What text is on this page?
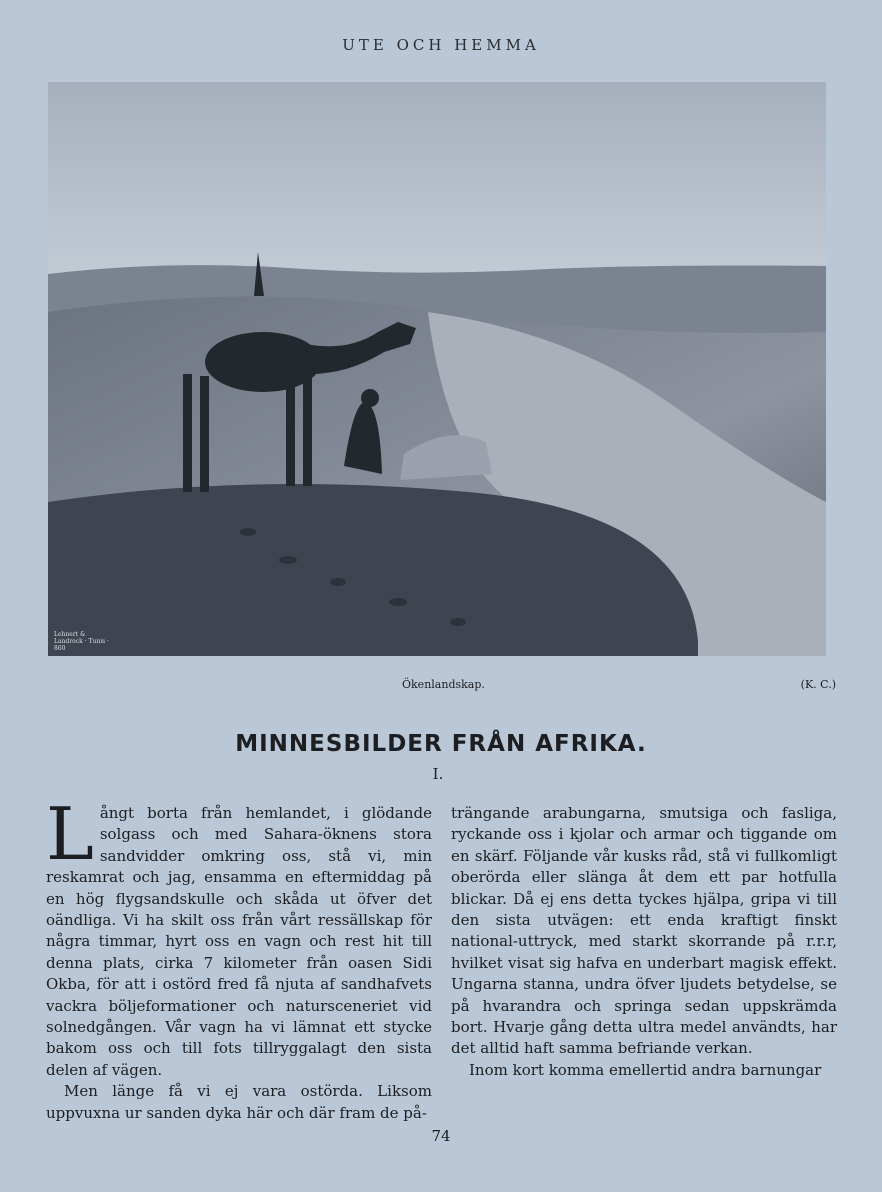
UTE OCH HEMMA
Lehnert & Landrock · Tunis · 860
Ökenlandskap.	(K. C.)
MINNESBILDER FRÅN AFRIKA.
I.

Långt borta från hemlandet, i glödande solgass och med Sahara-öknens stora sandvidder omkring oss, stå vi, min reskamrat och jag, ensamma en eftermiddag på en hög flygsandskulle och skåda ut öfver det oändliga. Vi ha skilt oss från vårt ressällskap för några timmar, hyrt oss en vagn och rest hit till denna plats, cirka 7 kilometer från oasen Sidi Okba, för att i ostörd fred få njuta af sandhafvets vackra böljeformationer och natursceneriet vid solnedgången. Vår vagn ha vi lämnat ett stycke bakom oss och till fots tillryggalagt den sista delen af vägen.

Men länge få vi ej vara ostörda. Liksom uppvuxna ur sanden dyka här och där fram de på-

trängande arabungarna, smutsiga och fasliga, ryckande oss i kjolar och armar och tiggande om en skärf. Följande vår kusks råd, stå vi fullkomligt oberörda eller slänga åt dem ett par hotfulla blickar. Då ej ens detta tyckes hjälpa, gripa vi till den sista utvägen: ett enda kraftigt finskt national-uttryck, med starkt skorrande på r.r.r, hvilket visat sig hafva en underbart magisk effekt. Ungarna stanna, undra öfver ljudets betydelse, se på hvarandra och springa sedan uppskrämda bort. Hvarje gång detta ultra medel användts, har det alltid haft samma befriande verkan.

Inom kort komma emellertid andra barnungar

74
